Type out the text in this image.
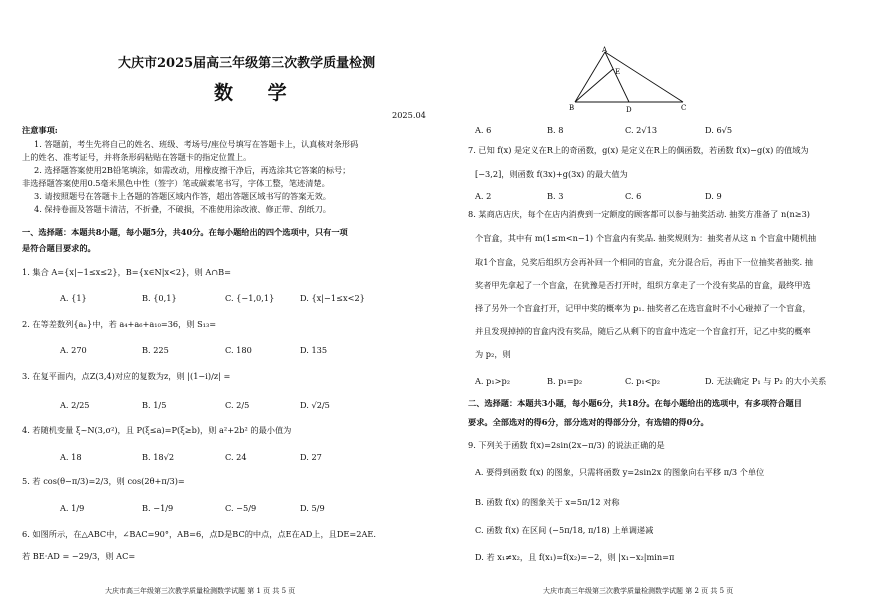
大庆市2025届高三年级第三次教学质量检测
数 学
2025.04
注意事项:
1. 答题前，考生先将自己的姓名、班级、考场号/座位号填写在答题卡上，认真核对条形码
上的姓名、准考证号，并将条形码粘贴在答题卡的指定位置上。
2. 选择题答案使用2B铅笔填涂，如需改动，用橡皮擦干净后，再选涂其它答案的标号；
非选择题答案使用0.5毫米黑色中性（签字）笔或碳素笔书写，字体工整，笔迹清楚。
3. 请按照题号在答题卡上各题的答题区域内作答，超出答题区域书写的答案无效。
4. 保持卷面及答题卡清洁，不折叠，不破损，不准使用涂改液、修正带、刮纸刀。
一、选择题：本题共8小题，每小题5分，共40分。在每小题给出的四个选项中，只有一项
是符合题目要求的。
1. 集合 A={x|−1≤x≤2}，B={x∈N|x<2}，则 A∩B=
A. {1}	B. {0,1}	C. {−1,0,1}	D. {x|−1≤x<2}
2. 在等差数列{aₙ}中，若 a₄+a₆+a₁₀=36，则 S₁₃=
A. 270	B. 225	C. 180	D. 135
3. 在复平面内，点Z(3,4)对应的复数为z，则 |(1−i)/z| =
A. 2/25	B. 1/5	C. 2/5	D. √2/5
4. 若随机变量 ξ~N(3,σ²)，且 P(ξ≤a)=P(ξ≥b)，则 a²+2b² 的最小值为
A. 18	B. 18√2	C. 24	D. 27
5. 若 cos(θ−π/3)=2/3，则 cos(2θ+π/3)=
A. 1/9	B. −1/9	C. −5/9	D. 5/9
6. 如图所示，在△ABC中，∠BAC=90°，AB=6，点D是BC的中点，点E在AD上，且DE=2AE.
若 BE·AD = −29/3，则 AC=
大庆市高三年级第三次教学质量检测数学试题 第 1 页 共 5 页
A
B	C
D
E
A. 6	B. 8	C. 2√13	D. 6√5
7. 已知 f(x) 是定义在R上的奇函数，g(x) 是定义在R上的偶函数，若函数 f(x)−g(x) 的值域为
[−3,2]，则函数 f(3x)+g(3x) 的最大值为
A. 2	B. 3	C. 6	D. 9
8. 某商店店庆，每个在店内消费到一定额度的顾客都可以参与抽奖活动. 抽奖方准备了 n(n≥3)
个盲盒，其中有 m(1≤m<n−1) 个盲盒内有奖品. 抽奖规则为：抽奖者从这 n 个盲盒中随机抽
取1个盲盒，兑奖后组织方会再补回一个相同的盲盒，充分混合后，再由下一位抽奖者抽奖. 抽
奖者甲先拿起了一个盲盒，在犹豫是否打开时，组织方拿走了一个没有奖品的盲盒，最终甲选
择了另外一个盲盒打开，记甲中奖的概率为 p₁. 抽奖者乙在选盲盒时不小心碰掉了一个盲盒，
并且发现掉掉的盲盒内没有奖品，随后乙从剩下的盲盒中选定一个盲盒打开，记乙中奖的概率
为 p₂，则
A. p₁>p₂	B. p₁=p₂	C. p₁<p₂	D. 无法确定 P₁ 与 P₂ 的大小关系
二、选择题：本题共3小题，每小题6分，共18分。在每小题给出的选项中，有多项符合题目
要求。全部选对的得6分，部分选对的得部分分，有选错的得0分。
9. 下列关于函数 f(x)=2sin(2x−π/3) 的说法正确的是
A. 要得到函数 f(x) 的图象，只需将函数 y=2sin2x 的图象向右平移 π/3 个单位
B. 函数 f(x) 的图象关于 x=5π/12 对称
C. 函数 f(x) 在区间 (−5π/18, π/18) 上单调递减
D. 若 x₁≠x₂，且 f(x₁)=f(x₂)=−2，则 |x₁−x₂|min=π
大庆市高三年级第三次教学质量检测数学试题 第 2 页 共 5 页
